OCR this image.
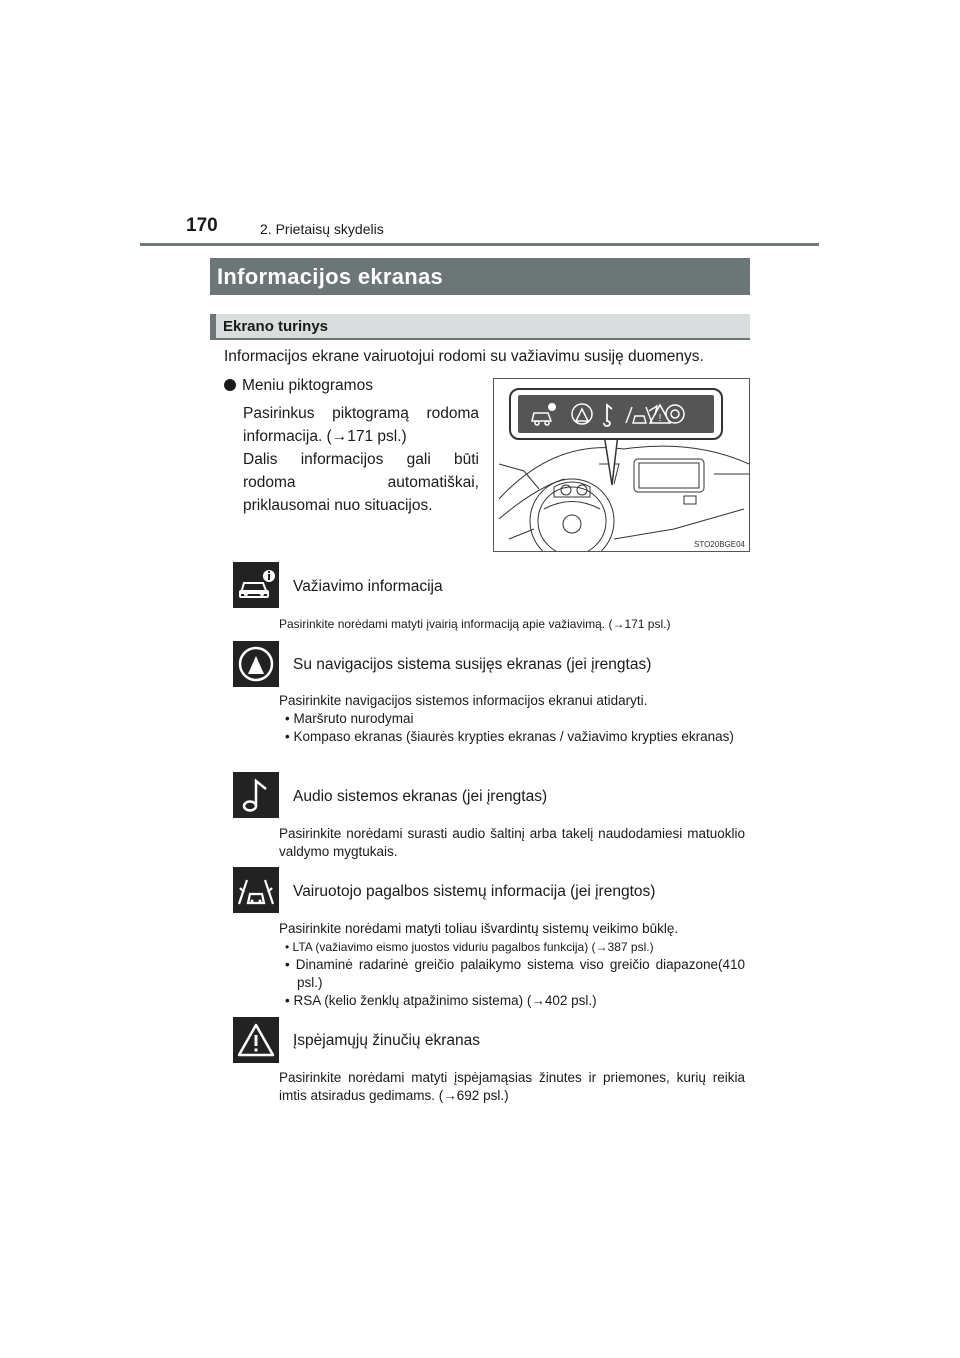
170	2. Prietaisų skydelis
Informacijos ekranas
Ekrano turinys
Informacijos ekrane vairuotojui rodomi su važiavimu susiję duomenys.
Meniu piktogramos

Pasirinkus piktogramą rodoma informacija. (→171 psl.)

Dalis informacijos gali būti rodoma automatiškai, priklausomai nuo situacijos.

!
STO20BGE04
Važiavimo informacija

Pasirinkite norėdami matyti įvairią informaciją apie važiavimą. (→171 psl.)

Su navigacijos sistema susijęs ekranas (jei įrengtas)

Pasirinkite navigacijos sistemos informacijos ekranui atidaryti.

• Maršruto nurodymai

• Kompaso ekranas (šiaurės krypties ekranas / važiavimo krypties ekranas)

Audio sistemos ekranas (jei įrengtas)

Pasirinkite norėdami surasti audio šaltinį arba takelį naudodamiesi matuoklio valdymo mygtukais.

Vairuotojo pagalbos sistemų informacija (jei įrengtos)

Pasirinkite norėdami matyti toliau išvardintų sistemų veikimo būklę.

• LTA (važiavimo eismo juostos viduriu pagalbos funkcija) (→387 psl.)

• Dinaminė radarinė greičio palaikymo sistema viso greičio diapazone(410 psl.)

• RSA (kelio ženklų atpažinimo sistema) (→402 psl.)

Įspėjamųjų žinučių ekranas

Pasirinkite norėdami matyti įspėjamąsias žinutes ir priemones, kurių reikia imtis atsiradus gedimams. (→692 psl.)
